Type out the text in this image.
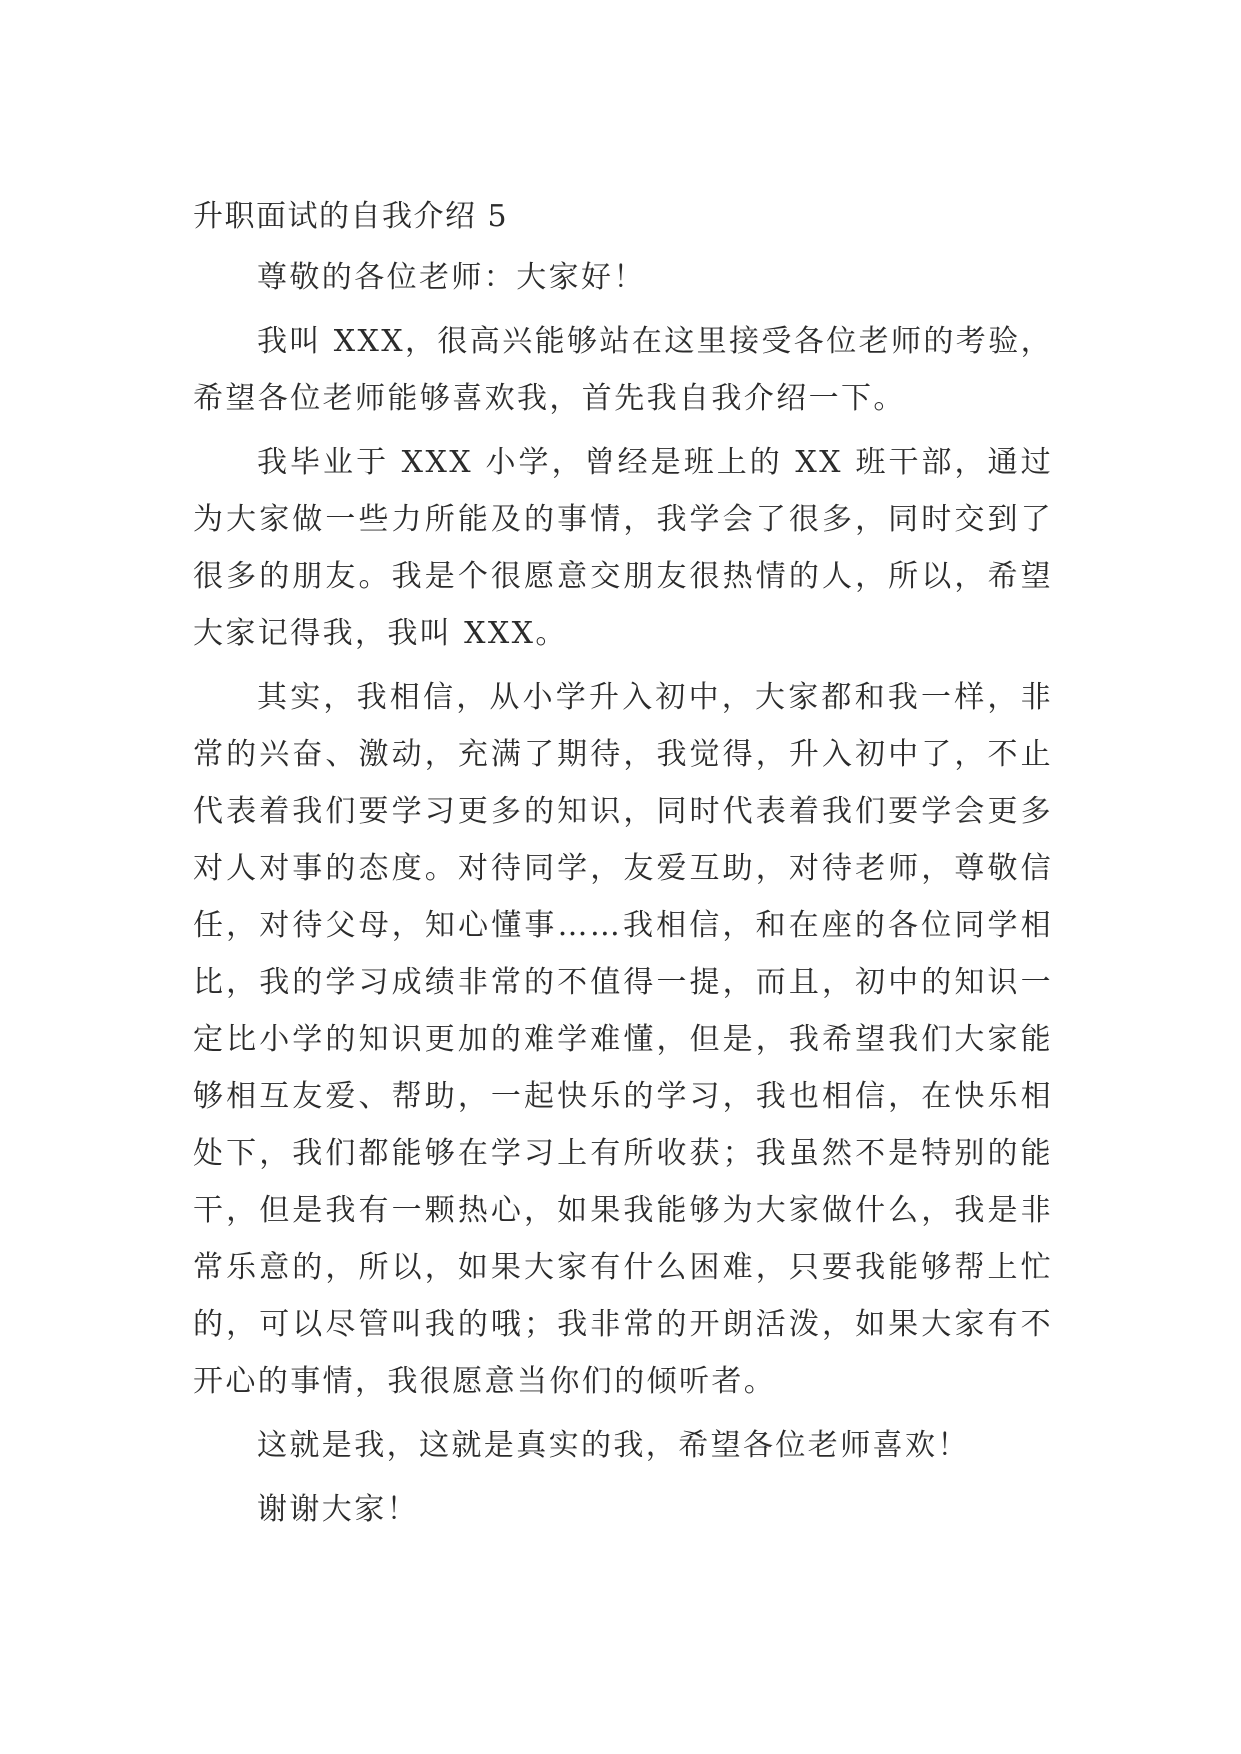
升职面试的自我介绍 5

尊敬的各位老师：大家好！

我叫 XXX，很高兴能够站在这里接受各位老师的考验，希望各位老师能够喜欢我，首先我自我介绍一下。

我毕业于 XXX 小学，曾经是班上的 XX 班干部，通过为大家做一些力所能及的事情，我学会了很多，同时交到了很多的朋友。我是个很愿意交朋友很热情的人，所以，希望大家记得我，我叫 XXX。

其实，我相信，从小学升入初中，大家都和我一样，非常的兴奋、激动，充满了期待，我觉得，升入初中了，不止代表着我们要学习更多的知识，同时代表着我们要学会更多对人对事的态度。对待同学，友爱互助，对待老师，尊敬信任，对待父母，知心懂事……我相信，和在座的各位同学相比，我的学习成绩非常的不值得一提，而且，初中的知识一定比小学的知识更加的难学难懂，但是，我希望我们大家能够相互友爱、帮助，一起快乐的学习，我也相信，在快乐相处下，我们都能够在学习上有所收获；我虽然不是特别的能干，但是我有一颗热心，如果我能够为大家做什么，我是非常乐意的，所以，如果大家有什么困难，只要我能够帮上忙的，可以尽管叫我的哦；我非常的开朗活泼，如果大家有不开心的事情，我很愿意当你们的倾听者。

这就是我，这就是真实的我，希望各位老师喜欢！

谢谢大家！
